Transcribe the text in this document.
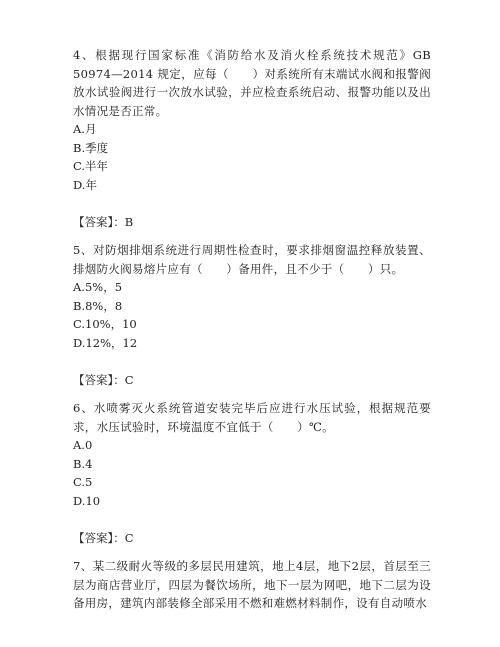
4、根据现行国家标准《消防给水及消火栓系统技术规范》GB 50974—2014 规定，应每（　　）对系统所有末端试水阀和报警阀放水试验阀进行一次放水试验，并应检查系统启动、报警功能以及出水情况是否正常。

A.月

B.季度

C.半年

D.年

【答案】：B

5、对防烟排烟系统进行周期性检查时，要求排烟窗温控释放装置、排烟防火阀易熔片应有（　　）备用件，且不少于（　　）只。

A.5%，5

B.8%，8

C.10%，10

D.12%，12

【答案】：C

6、水喷雾灭火系统管道安装完毕后应进行水压试验，根据规范要求，水压试验时，环境温度不宜低于（　　）℃。

A.0

B.4

C.5

D.10

【答案】：C

7、某二级耐火等级的多层民用建筑，地上4层，地下2层，首层至三层为商店营业厅，四层为餐饮场所，地下一层为网吧，地下二层为设备用房，建筑内部装修全部采用不燃和难燃材料制作，设有自动喷水
